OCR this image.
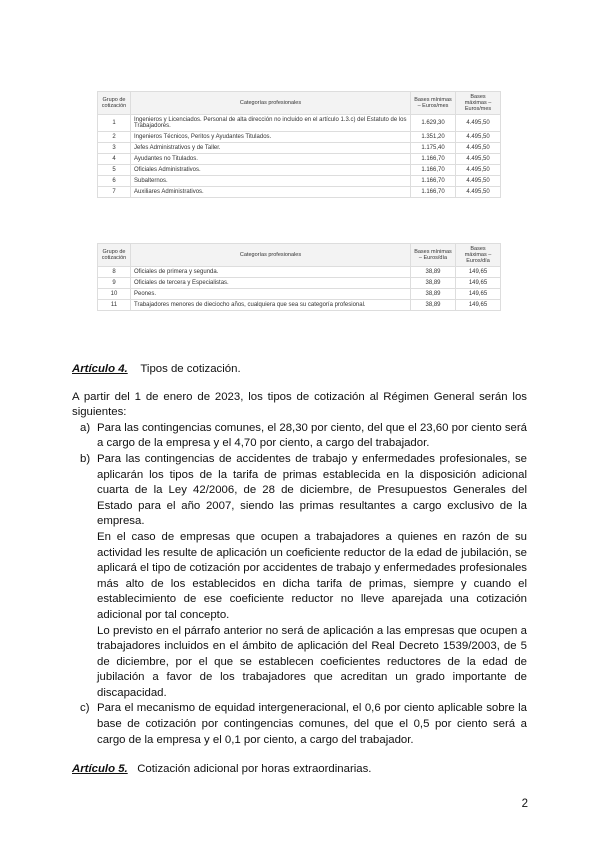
Grupo de cotización	Categorías profesionales	Bases mínimas – Euros/mes	Bases máximas – Euros/mes
1	Ingenieros y Licenciados. Personal de alta dirección no incluido en el artículo 1.3.c) del Estatuto de los Trabajadores.	1.629,30	4.495,50
2	Ingenieros Técnicos, Peritos y Ayudantes Titulados.	1.351,20	4.495,50
3	Jefes Administrativos y de Taller.	1.175,40	4.495,50
4	Ayudantes no Titulados.	1.166,70	4.495,50
5	Oficiales Administrativos.	1.166,70	4.495,50
6	Subalternos.	1.166,70	4.495,50
7	Auxiliares Administrativos.	1.166,70	4.495,50
Grupo de cotización	Categorías profesionales	Bases mínimas – Euros/día	Bases máximas – Euros/día
8	Oficiales de primera y segunda.	38,89	149,65
9	Oficiales de tercera y Especialistas.	38,89	149,65
10	Peones.	38,89	149,65
11	Trabajadores menores de dieciocho años, cualquiera que sea su categoría profesional.	38,89	149,65
Artículo 4. Tipos de cotización.

A partir del 1 de enero de 2023, los tipos de cotización al Régimen General serán los siguientes:

a) Para las contingencias comunes, el 28,30 por ciento, del que el 23,60 por ciento será a cargo de la empresa y el 4,70 por ciento, a cargo del trabajador.

b) Para las contingencias de accidentes de trabajo y enfermedades profesionales, se aplicarán los tipos de la tarifa de primas establecida en la disposición adicional cuarta de la Ley 42/2006, de 28 de diciembre, de Presupuestos Generales del Estado para el año 2007, siendo las primas resultantes a cargo exclusivo de la empresa.

En el caso de empresas que ocupen a trabajadores a quienes en razón de su actividad les resulte de aplicación un coeficiente reductor de la edad de jubilación, se aplicará el tipo de cotización por accidentes de trabajo y enfermedades profesionales más alto de los establecidos en dicha tarifa de primas, siempre y cuando el establecimiento de ese coeficiente reductor no lleve aparejada una cotización adicional por tal concepto.

Lo previsto en el párrafo anterior no será de aplicación a las empresas que ocupen a trabajadores incluidos en el ámbito de aplicación del Real Decreto 1539/2003, de 5 de diciembre, por el que se establecen coeficientes reductores de la edad de jubilación a favor de los trabajadores que acreditan un grado importante de discapacidad.

c) Para el mecanismo de equidad intergeneracional, el 0,6 por ciento aplicable sobre la base de cotización por contingencias comunes, del que el 0,5 por ciento será a cargo de la empresa y el 0,1 por ciento, a cargo del trabajador.

Artículo 5. Cotización adicional por horas extraordinarias.
2
